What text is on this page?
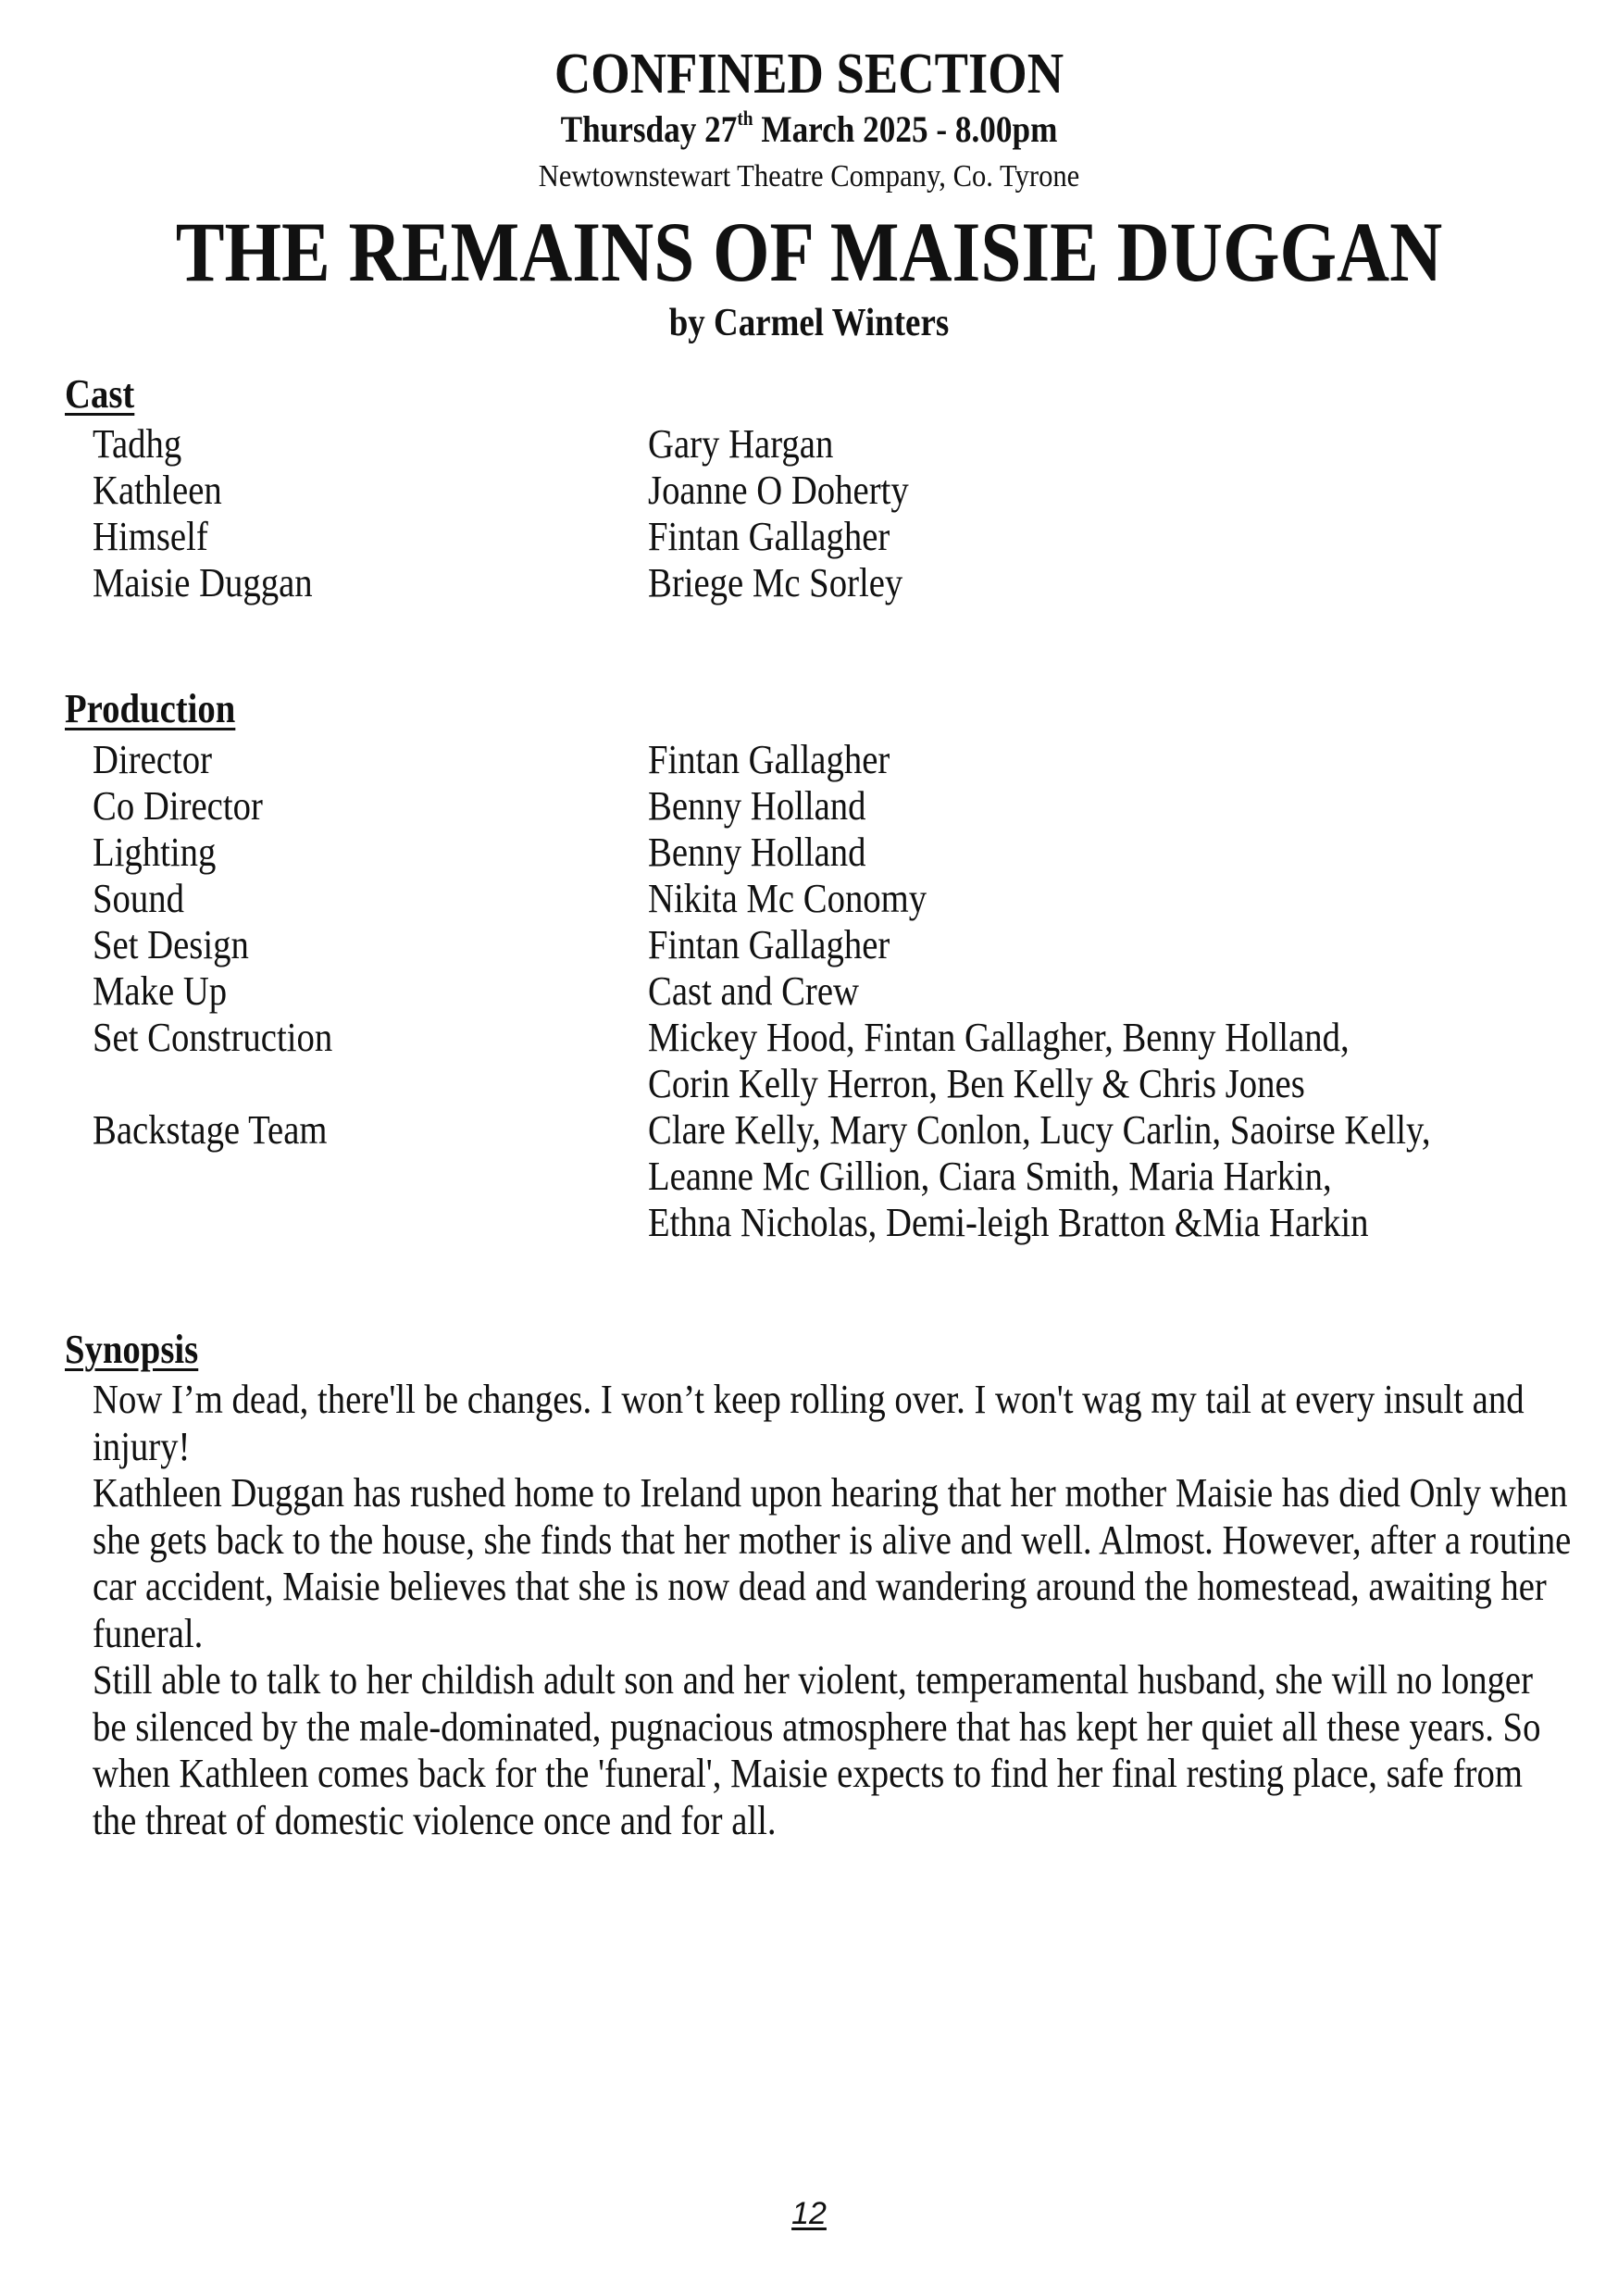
CONFINED SECTION
Thursday 27th March 2025 - 8.00pm
Newtownstewart Theatre Company, Co. Tyrone
THE REMAINS OF MAISIE DUGGAN
by Carmel Winters
Cast
Tadhg	Gary Hargan
Kathleen	Joanne O Doherty
Himself	Fintan Gallagher
Maisie Duggan	Briege Mc Sorley
Production
Director	Fintan Gallagher
Co Director	Benny Holland
Lighting	Benny Holland
Sound	Nikita Mc Conomy
Set Design	Fintan Gallagher
Make Up	Cast and Crew
Set Construction	Mickey Hood, Fintan Gallagher, Benny Holland,
Corin Kelly Herron, Ben Kelly & Chris Jones
Backstage Team	Clare Kelly, Mary Conlon, Lucy Carlin, Saoirse Kelly,
Leanne Mc Gillion, Ciara Smith, Maria Harkin,
Ethna Nicholas, Demi-leigh Bratton &Mia Harkin
Synopsis

Now I’m dead, there'll be changes. I won’t keep rolling over. I won't wag my tail at every insult and injury!

Kathleen Duggan has rushed home to Ireland upon hearing that her mother Maisie has died Only when she gets back to the house, she finds that her mother is alive and well. Almost. However, after a routine car accident, Maisie believes that she is now dead and wandering around the homestead, awaiting her funeral.

Still able to talk to her childish adult son and her violent, temperamental husband, she will no longer be silenced by the male-dominated, pugnacious atmosphere that has kept her quiet all these years. So when Kathleen comes back for the 'funeral', Maisie expects to find her final resting place, safe from the threat of domestic violence once and for all.

12
